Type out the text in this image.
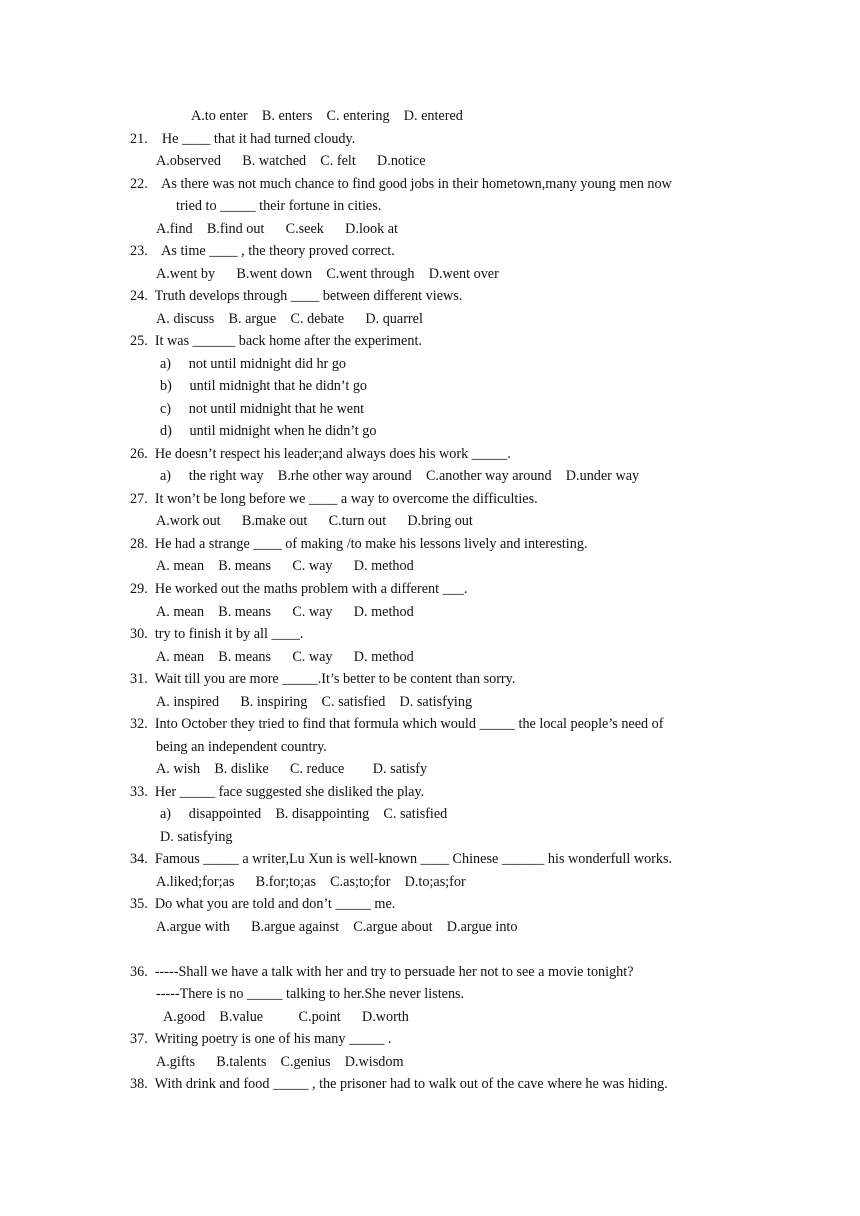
A.to enter    B. enters    C. entering    D. entered
21.    He ____ that it had turned cloudy.
A.observed      B. watched    C. felt      D.notice
22.    As there was not much chance to find good jobs in their hometown,many young men now
tried to _____ their fortune in cities.
A.find    B.find out      C.seek      D.look at
23.    As time ____ , the theory proved correct.
A.went by      B.went down    C.went through    D.went over
24.  Truth develops through ____ between different views.
A. discuss    B. argue    C. debate      D. quarrel
25.  It was ______ back home after the experiment.
a)     not until midnight did hr go
b)     until midnight that he didn’t go
c)     not until midnight that he went
d)     until midnight when he didn’t go
26.  He doesn’t respect his leader;and always does his work _____.
a)     the right way    B.rhe other way around    C.another way around    D.under way
27.  It won’t be long before we ____ a way to overcome the difficulties.
A.work out      B.make out      C.turn out      D.bring out
28.  He had a strange ____ of making /to make his lessons lively and interesting.
A. mean    B. means      C. way      D. method
29.  He worked out the maths problem with a different ___.
A. mean    B. means      C. way      D. method
30.  try to finish it by all ____.
A. mean    B. means      C. way      D. method
31.  Wait till you are more _____.It’s better to be content than sorry.
A. inspired      B. inspiring    C. satisfied    D. satisfying
32.  Into October they tried to find that formula which would _____ the local people’s need of
being an independent country.
A. wish    B. dislike      C. reduce        D. satisfy
33.  Her _____ face suggested she disliked the play.
a)     disappointed    B. disappointing    C. satisfied
D. satisfying
34.  Famous _____ a writer,Lu Xun is well-known ____ Chinese ______ his wonderfull works.
A.liked;for;as      B.for;to;as    C.as;to;for    D.to;as;for
35.  Do what you are told and don’t _____ me.
A.argue with      B.argue against    C.argue about    D.argue into
36.  -----Shall we have a talk with her and try to persuade her not to see a movie tonight?
-----There is no _____ talking to her.She never listens.
A.good    B.value          C.point      D.worth
37.  Writing poetry is one of his many _____ .
A.gifts      B.talents    C.genius    D.wisdom
38.  With drink and food _____ , the prisoner had to walk out of the cave where he was hiding.
